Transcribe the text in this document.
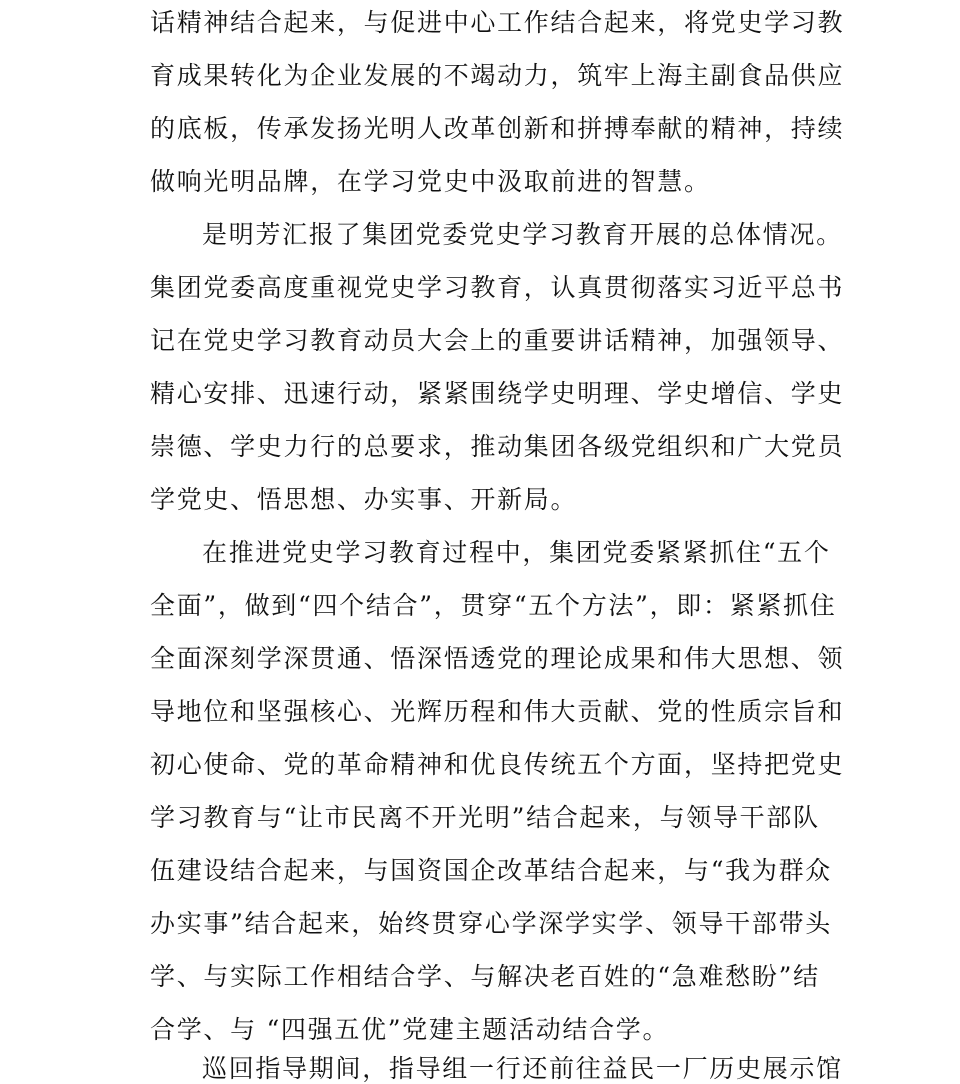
话精神结合起来，与促进中心工作结合起来，将党史学习教
育成果转化为企业发展的不竭动力，筑牢上海主副食品供应
的底板，传承发扬光明人改革创新和拼搏奉献的精神，持续
做响光明品牌，在学习党史中汲取前进的智慧。
是明芳汇报了集团党委党史学习教育开展的总体情况。
集团党委高度重视党史学习教育，认真贯彻落实习近平总书
记在党史学习教育动员大会上的重要讲话精神，加强领导、
精心安排、迅速行动，紧紧围绕学史明理、学史增信、学史
崇德、学史力行的总要求，推动集团各级党组织和广大党员
学党史、悟思想、办实事、开新局。
在推进党史学习教育过程中，集团党委紧紧抓住“五个
全面”，做到“四个结合”，贯穿“五个方法”，即：紧紧抓住
全面深刻学深贯通、悟深悟透党的理论成果和伟大思想、领
导地位和坚强核心、光辉历程和伟大贡献、党的性质宗旨和
初心使命、党的革命精神和优良传统五个方面，坚持把党史
学习教育与“让市民离不开光明”结合起来，与领导干部队
伍建设结合起来，与国资国企改革结合起来，与“我为群众
办实事”结合起来，始终贯穿心学深学实学、领导干部带头
学、与实际工作相结合学、与解决老百姓的“急难愁盼”结
合学、与 “四强五优”党建主题活动结合学。
巡回指导期间，指导组一行还前往益民一厂历史展示馆
